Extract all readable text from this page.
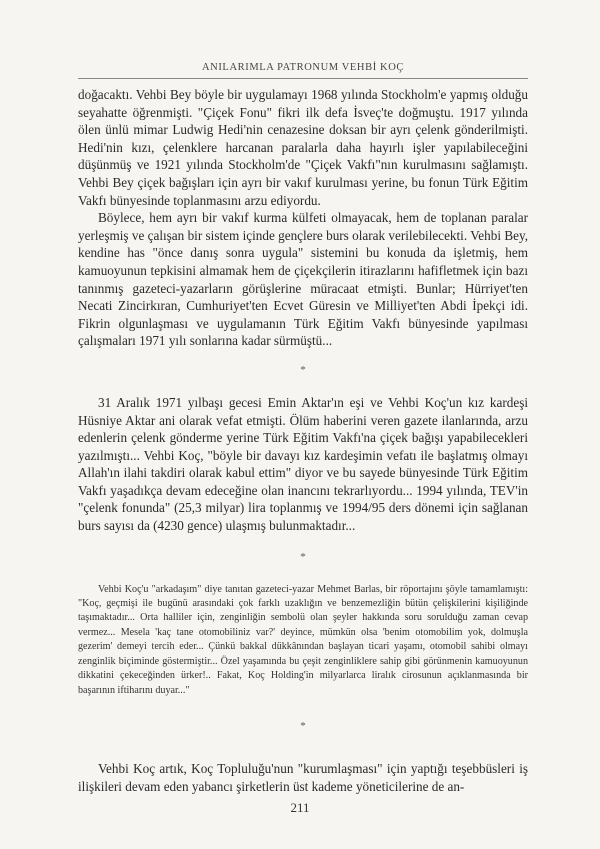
ANILARIMLA PATRONUM VEHBİ KOÇ

doğacaktı. Vehbi Bey böyle bir uygulamayı 1968 yılında Stockholm'e yapmış olduğu seyahatte öğrenmişti. "Çiçek Fonu" fikri ilk defa İsveç'te doğmuştu. 1917 yılında ölen ünlü mimar Ludwig Hedi'nin cenazesine doksan bir ayrı çelenk gönderilmişti. Hedi'nin kızı, çelenklere harcanan paralarla daha hayırlı işler yapılabileceğini düşünmüş ve 1921 yılında Stockholm'de "Çiçek Vakfı"nın kurulmasını sağlamıştı. Vehbi Bey çiçek bağışları için ayrı bir vakıf kurulması yerine, bu fonun Türk Eğitim Vakfı bünyesinde toplanmasını arzu ediyordu.

Böylece, hem ayrı bir vakıf kurma külfeti olmayacak, hem de toplanan paralar yerleşmiş ve çalışan bir sistem içinde gençlere burs olarak verilebilecekti. Vehbi Bey, kendine has "önce danış sonra uygula" sistemini bu konuda da işletmiş, hem kamuoyunun tepkisini almamak hem de çiçekçilerin itirazlarını hafifletmek için bazı tanınmış gazeteci-yazarların görüşlerine müracaat etmişti. Bunlar; Hürriyet'ten Necati Zincirkıran, Cumhuriyet'ten Ecvet Güresin ve Milliyet'ten Abdi İpekçi idi. Fikrin olgunlaşması ve uygulamanın Türk Eğitim Vakfı bünyesinde yapılması çalışmaları 1971 yılı sonlarına kadar sürmüştü...

*

31 Aralık 1971 yılbaşı gecesi Emin Aktar'ın eşi ve Vehbi Koç'un kız kardeşi Hüsniye Aktar ani olarak vefat etmişti. Ölüm haberini veren gazete ilanlarında, arzu edenlerin çelenk gönderme yerine Türk Eğitim Vakfı'na çiçek bağışı yapabilecekleri yazılmıştı... Vehbi Koç, "böyle bir davayı kız kardeşimin vefatı ile başlatmış olmayı Allah'ın ilahi takdiri olarak kabul ettim" diyor ve bu sayede bünyesinde Türk Eğitim Vakfı yaşadıkça devam edeceğine olan inancını tekrarlıyordu... 1994 yılında, TEV'in "çelenk fonunda" (25,3 milyar) lira toplanmış ve 1994/95 ders dönemi için sağlanan burs sayısı da (4230 gence) ulaşmış bulunmaktadır...

*

Vehbi Koç'u "arkadaşım" diye tanıtan gazeteci-yazar Mehmet Barlas, bir röportajını şöyle tamamlamıştı: "Koç, geçmişi ile bugünü arasındaki çok farklı uzaklığın ve benzemezliğin bütün çelişkilerini kişiliğinde taşımaktadır... Orta halliler için, zenginliğin sembolü olan şeyler hakkında soru sorulduğu zaman cevap vermez... Mesela 'kaç tane otomobiliniz var?' deyince, mümkün olsa 'benim otomobilim yok, dolmuşla gezerim' demeyi tercih eder... Çünkü bakkal dükkânından başlayan ticari yaşamı, otomobil sahibi olmayı zenginlik biçiminde göstermiştir... Özel yaşamında bu çeşit zenginliklere sahip gibi görünmenin kamuoyunun dikkatini çekeceğinden ürker!.. Fakat, Koç Holding'in milyarlarca liralık cirosunun açıklanmasında bir başarının iftiharını duyar..."

*

Vehbi Koç artık, Koç Topluluğu'nun "kurumlaşması" için yaptığı teşebbüsleri iş ilişkileri devam eden yabancı şirketlerin üst kademe yöneticilerine de an-

211
